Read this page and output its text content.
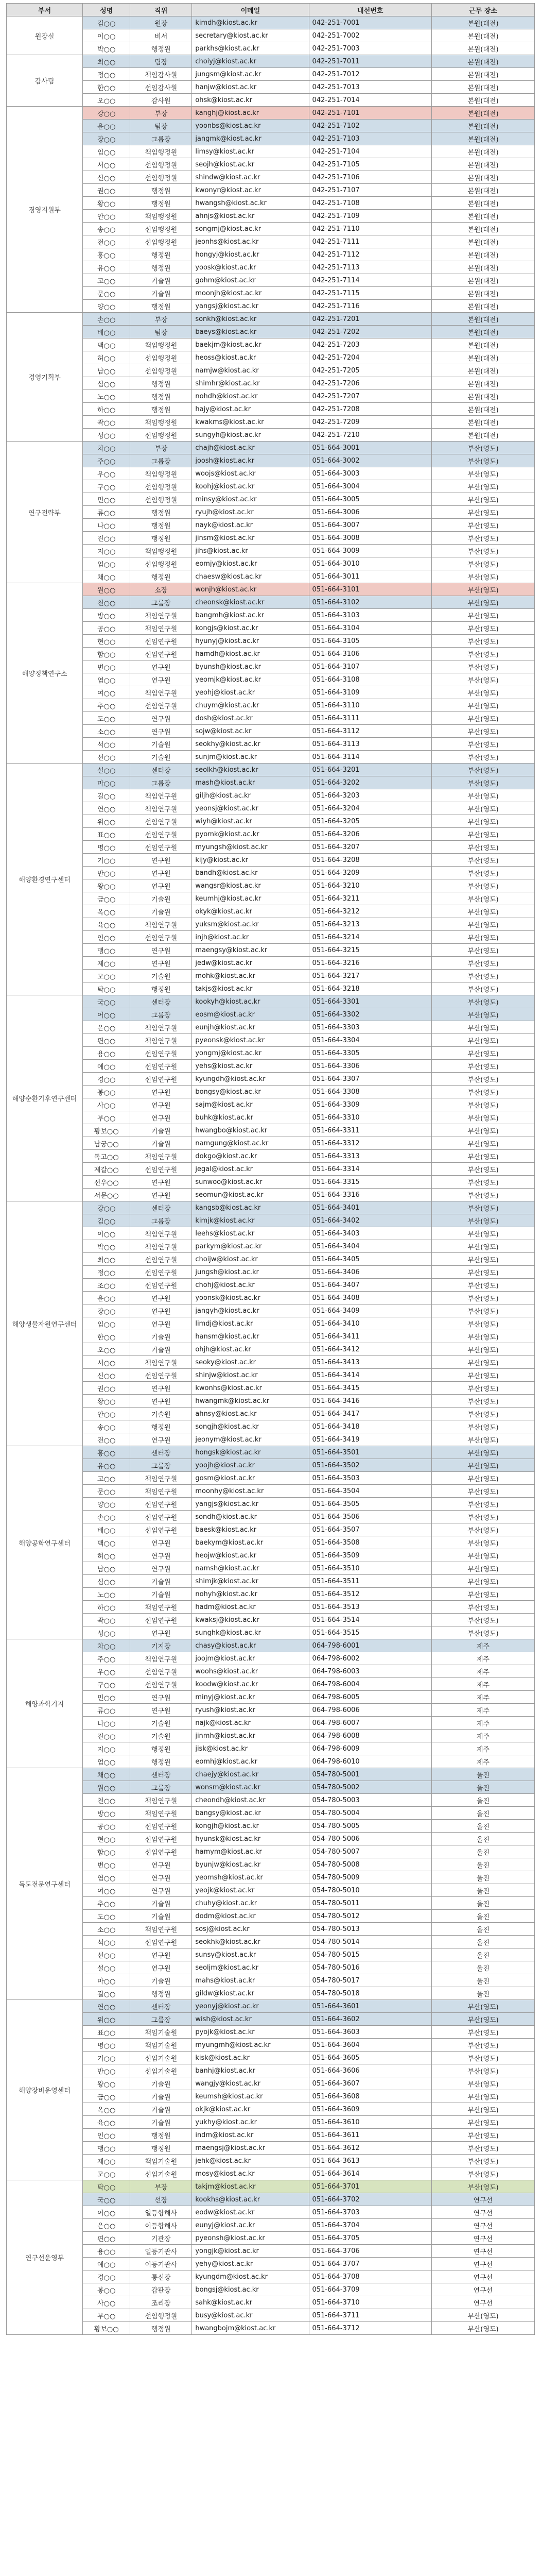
부서	성명	직위	이메일	내선번호	근무 장소
원장실	김○○	원장	kimdh@kiost.ac.kr	042-251-7001	본원(대전)
	이○○	비서	secretary@kiost.ac.kr	042-251-7002	본원(대전)
	박○○	행정원	parkhs@kiost.ac.kr	042-251-7003	본원(대전)
감사팀	최○○	팀장	choiyj@kiost.ac.kr	042-251-7011	본원(대전)
	정○○	책임감사원	jungsm@kiost.ac.kr	042-251-7012	본원(대전)
	한○○	선임감사원	hanjw@kiost.ac.kr	042-251-7013	본원(대전)
	오○○	감사원	ohsk@kiost.ac.kr	042-251-7014	본원(대전)
경영지원부	강○○	부장	kanghj@kiost.ac.kr	042-251-7101	본원(대전)
	윤○○	팀장	yoonbs@kiost.ac.kr	042-251-7102	본원(대전)
	장○○	그룹장	jangmk@kiost.ac.kr	042-251-7103	본원(대전)
	임○○	책임행정원	limsy@kiost.ac.kr	042-251-7104	본원(대전)
	서○○	선임행정원	seojh@kiost.ac.kr	042-251-7105	본원(대전)
	신○○	선임행정원	shindw@kiost.ac.kr	042-251-7106	본원(대전)
	권○○	행정원	kwonyr@kiost.ac.kr	042-251-7107	본원(대전)
	황○○	행정원	hwangsh@kiost.ac.kr	042-251-7108	본원(대전)
	안○○	책임행정원	ahnjs@kiost.ac.kr	042-251-7109	본원(대전)
	송○○	선임행정원	songmj@kiost.ac.kr	042-251-7110	본원(대전)
	전○○	선임행정원	jeonhs@kiost.ac.kr	042-251-7111	본원(대전)
	홍○○	행정원	hongyj@kiost.ac.kr	042-251-7112	본원(대전)
	유○○	행정원	yoosk@kiost.ac.kr	042-251-7113	본원(대전)
	고○○	기술원	gohm@kiost.ac.kr	042-251-7114	본원(대전)
	문○○	기술원	moonjh@kiost.ac.kr	042-251-7115	본원(대전)
	양○○	행정원	yangsj@kiost.ac.kr	042-251-7116	본원(대전)
경영기획부	손○○	부장	sonkh@kiost.ac.kr	042-251-7201	본원(대전)
	배○○	팀장	baeys@kiost.ac.kr	042-251-7202	본원(대전)
	백○○	책임행정원	baekjm@kiost.ac.kr	042-251-7203	본원(대전)
	허○○	선임행정원	heoss@kiost.ac.kr	042-251-7204	본원(대전)
	남○○	선임행정원	namjw@kiost.ac.kr	042-251-7205	본원(대전)
	심○○	행정원	shimhr@kiost.ac.kr	042-251-7206	본원(대전)
	노○○	행정원	nohdh@kiost.ac.kr	042-251-7207	본원(대전)
	하○○	행정원	hajy@kiost.ac.kr	042-251-7208	본원(대전)
	곽○○	책임행정원	kwakms@kiost.ac.kr	042-251-7209	본원(대전)
	성○○	선임행정원	sungyh@kiost.ac.kr	042-251-7210	본원(대전)
연구전략부	차○○	부장	chajh@kiost.ac.kr	051-664-3001	부산(영도)
	주○○	그룹장	joosh@kiost.ac.kr	051-664-3002	부산(영도)
	우○○	책임행정원	woojs@kiost.ac.kr	051-664-3003	부산(영도)
	구○○	선임행정원	koohj@kiost.ac.kr	051-664-3004	부산(영도)
	민○○	선임행정원	minsy@kiost.ac.kr	051-664-3005	부산(영도)
	류○○	행정원	ryujh@kiost.ac.kr	051-664-3006	부산(영도)
	나○○	행정원	nayk@kiost.ac.kr	051-664-3007	부산(영도)
	진○○	행정원	jinsm@kiost.ac.kr	051-664-3008	부산(영도)
	지○○	책임행정원	jihs@kiost.ac.kr	051-664-3009	부산(영도)
	엄○○	선임행정원	eomjy@kiost.ac.kr	051-664-3010	부산(영도)
	채○○	행정원	chaesw@kiost.ac.kr	051-664-3011	부산(영도)
해양정책연구소	원○○	소장	wonjh@kiost.ac.kr	051-664-3101	부산(영도)
	천○○	그룹장	cheonsk@kiost.ac.kr	051-664-3102	부산(영도)
	방○○	책임연구원	bangmh@kiost.ac.kr	051-664-3103	부산(영도)
	공○○	책임연구원	kongjs@kiost.ac.kr	051-664-3104	부산(영도)
	현○○	선임연구원	hyunyj@kiost.ac.kr	051-664-3105	부산(영도)
	함○○	선임연구원	hamdh@kiost.ac.kr	051-664-3106	부산(영도)
	변○○	연구원	byunsh@kiost.ac.kr	051-664-3107	부산(영도)
	염○○	연구원	yeomjk@kiost.ac.kr	051-664-3108	부산(영도)
	여○○	책임연구원	yeohj@kiost.ac.kr	051-664-3109	부산(영도)
	추○○	선임연구원	chuym@kiost.ac.kr	051-664-3110	부산(영도)
	도○○	연구원	dosh@kiost.ac.kr	051-664-3111	부산(영도)
	소○○	연구원	sojw@kiost.ac.kr	051-664-3112	부산(영도)
	석○○	기술원	seokhy@kiost.ac.kr	051-664-3113	부산(영도)
	선○○	기술원	sunjm@kiost.ac.kr	051-664-3114	부산(영도)
해양환경연구센터	설○○	센터장	seolkh@kiost.ac.kr	051-664-3201	부산(영도)
	마○○	그룹장	mash@kiost.ac.kr	051-664-3202	부산(영도)
	길○○	책임연구원	giljh@kiost.ac.kr	051-664-3203	부산(영도)
	연○○	책임연구원	yeonsj@kiost.ac.kr	051-664-3204	부산(영도)
	위○○	선임연구원	wiyh@kiost.ac.kr	051-664-3205	부산(영도)
	표○○	선임연구원	pyomk@kiost.ac.kr	051-664-3206	부산(영도)
	명○○	선임연구원	myungsh@kiost.ac.kr	051-664-3207	부산(영도)
	기○○	연구원	kijy@kiost.ac.kr	051-664-3208	부산(영도)
	반○○	연구원	bandh@kiost.ac.kr	051-664-3209	부산(영도)
	왕○○	연구원	wangsr@kiost.ac.kr	051-664-3210	부산(영도)
	금○○	기술원	keumhj@kiost.ac.kr	051-664-3211	부산(영도)
	옥○○	기술원	okyk@kiost.ac.kr	051-664-3212	부산(영도)
	육○○	책임연구원	yuksm@kiost.ac.kr	051-664-3213	부산(영도)
	인○○	선임연구원	injh@kiost.ac.kr	051-664-3214	부산(영도)
	맹○○	연구원	maengsy@kiost.ac.kr	051-664-3215	부산(영도)
	제○○	연구원	jedw@kiost.ac.kr	051-664-3216	부산(영도)
	모○○	기술원	mohk@kiost.ac.kr	051-664-3217	부산(영도)
	탁○○	행정원	takjs@kiost.ac.kr	051-664-3218	부산(영도)
해양순환기후연구센터	국○○	센터장	kookyh@kiost.ac.kr	051-664-3301	부산(영도)
	어○○	그룹장	eosm@kiost.ac.kr	051-664-3302	부산(영도)
	은○○	책임연구원	eunjh@kiost.ac.kr	051-664-3303	부산(영도)
	편○○	책임연구원	pyeonsk@kiost.ac.kr	051-664-3304	부산(영도)
	용○○	선임연구원	yongmj@kiost.ac.kr	051-664-3305	부산(영도)
	예○○	선임연구원	yehs@kiost.ac.kr	051-664-3306	부산(영도)
	경○○	선임연구원	kyungdh@kiost.ac.kr	051-664-3307	부산(영도)
	봉○○	연구원	bongsy@kiost.ac.kr	051-664-3308	부산(영도)
	사○○	연구원	sajm@kiost.ac.kr	051-664-3309	부산(영도)
	부○○	연구원	buhk@kiost.ac.kr	051-664-3310	부산(영도)
	황보○○	기술원	hwangbo@kiost.ac.kr	051-664-3311	부산(영도)
	남궁○○	기술원	namgung@kiost.ac.kr	051-664-3312	부산(영도)
	독고○○	책임연구원	dokgo@kiost.ac.kr	051-664-3313	부산(영도)
	제갈○○	선임연구원	jegal@kiost.ac.kr	051-664-3314	부산(영도)
	선우○○	연구원	sunwoo@kiost.ac.kr	051-664-3315	부산(영도)
	서문○○	연구원	seomun@kiost.ac.kr	051-664-3316	부산(영도)
해양생물자원연구센터	강○○	센터장	kangsb@kiost.ac.kr	051-664-3401	부산(영도)
	김○○	그룹장	kimjk@kiost.ac.kr	051-664-3402	부산(영도)
	이○○	책임연구원	leehs@kiost.ac.kr	051-664-3403	부산(영도)
	박○○	책임연구원	parkym@kiost.ac.kr	051-664-3404	부산(영도)
	최○○	선임연구원	choijw@kiost.ac.kr	051-664-3405	부산(영도)
	정○○	선임연구원	jungsh@kiost.ac.kr	051-664-3406	부산(영도)
	조○○	선임연구원	chohj@kiost.ac.kr	051-664-3407	부산(영도)
	윤○○	연구원	yoonsk@kiost.ac.kr	051-664-3408	부산(영도)
	장○○	연구원	jangyh@kiost.ac.kr	051-664-3409	부산(영도)
	임○○	연구원	limdj@kiost.ac.kr	051-664-3410	부산(영도)
	한○○	기술원	hansm@kiost.ac.kr	051-664-3411	부산(영도)
	오○○	기술원	ohjh@kiost.ac.kr	051-664-3412	부산(영도)
	서○○	책임연구원	seoky@kiost.ac.kr	051-664-3413	부산(영도)
	신○○	선임연구원	shinjw@kiost.ac.kr	051-664-3414	부산(영도)
	권○○	연구원	kwonhs@kiost.ac.kr	051-664-3415	부산(영도)
	황○○	연구원	hwangmk@kiost.ac.kr	051-664-3416	부산(영도)
	안○○	기술원	ahnsy@kiost.ac.kr	051-664-3417	부산(영도)
	송○○	행정원	songjh@kiost.ac.kr	051-664-3418	부산(영도)
	전○○	연구원	jeonym@kiost.ac.kr	051-664-3419	부산(영도)
해양공학연구센터	홍○○	센터장	hongsk@kiost.ac.kr	051-664-3501	부산(영도)
	유○○	그룹장	yoojh@kiost.ac.kr	051-664-3502	부산(영도)
	고○○	책임연구원	gosm@kiost.ac.kr	051-664-3503	부산(영도)
	문○○	책임연구원	moonhy@kiost.ac.kr	051-664-3504	부산(영도)
	양○○	선임연구원	yangjs@kiost.ac.kr	051-664-3505	부산(영도)
	손○○	선임연구원	sondh@kiost.ac.kr	051-664-3506	부산(영도)
	배○○	선임연구원	baesk@kiost.ac.kr	051-664-3507	부산(영도)
	백○○	연구원	baekym@kiost.ac.kr	051-664-3508	부산(영도)
	허○○	연구원	heojw@kiost.ac.kr	051-664-3509	부산(영도)
	남○○	연구원	namsh@kiost.ac.kr	051-664-3510	부산(영도)
	심○○	기술원	shimjk@kiost.ac.kr	051-664-3511	부산(영도)
	노○○	기술원	nohyh@kiost.ac.kr	051-664-3512	부산(영도)
	하○○	책임연구원	hadm@kiost.ac.kr	051-664-3513	부산(영도)
	곽○○	선임연구원	kwaksj@kiost.ac.kr	051-664-3514	부산(영도)
	성○○	연구원	sunghk@kiost.ac.kr	051-664-3515	부산(영도)
해양과학기지	차○○	기지장	chasy@kiost.ac.kr	064-798-6001	제주
	주○○	책임연구원	joojm@kiost.ac.kr	064-798-6002	제주
	우○○	선임연구원	woohs@kiost.ac.kr	064-798-6003	제주
	구○○	선임연구원	koodw@kiost.ac.kr	064-798-6004	제주
	민○○	연구원	minyj@kiost.ac.kr	064-798-6005	제주
	류○○	연구원	ryush@kiost.ac.kr	064-798-6006	제주
	나○○	기술원	najk@kiost.ac.kr	064-798-6007	제주
	진○○	기술원	jinmh@kiost.ac.kr	064-798-6008	제주
	지○○	행정원	jisk@kiost.ac.kr	064-798-6009	제주
	엄○○	행정원	eomhj@kiost.ac.kr	064-798-6010	제주
독도전문연구센터	채○○	센터장	chaejy@kiost.ac.kr	054-780-5001	울진
	원○○	그룹장	wonsm@kiost.ac.kr	054-780-5002	울진
	천○○	책임연구원	cheondh@kiost.ac.kr	054-780-5003	울진
	방○○	책임연구원	bangsy@kiost.ac.kr	054-780-5004	울진
	공○○	선임연구원	kongjh@kiost.ac.kr	054-780-5005	울진
	현○○	선임연구원	hyunsk@kiost.ac.kr	054-780-5006	울진
	함○○	선임연구원	hamym@kiost.ac.kr	054-780-5007	울진
	변○○	연구원	byunjw@kiost.ac.kr	054-780-5008	울진
	염○○	연구원	yeomsh@kiost.ac.kr	054-780-5009	울진
	여○○	연구원	yeojk@kiost.ac.kr	054-780-5010	울진
	추○○	기술원	chuhy@kiost.ac.kr	054-780-5011	울진
	도○○	기술원	dodm@kiost.ac.kr	054-780-5012	울진
	소○○	책임연구원	sosj@kiost.ac.kr	054-780-5013	울진
	석○○	선임연구원	seokhk@kiost.ac.kr	054-780-5014	울진
	선○○	연구원	sunsy@kiost.ac.kr	054-780-5015	울진
	설○○	연구원	seoljm@kiost.ac.kr	054-780-5016	울진
	마○○	기술원	mahs@kiost.ac.kr	054-780-5017	울진
	길○○	행정원	gildw@kiost.ac.kr	054-780-5018	울진
해양장비운영센터	연○○	센터장	yeonyj@kiost.ac.kr	051-664-3601	부산(영도)
	위○○	그룹장	wish@kiost.ac.kr	051-664-3602	부산(영도)
	표○○	책임기술원	pyojk@kiost.ac.kr	051-664-3603	부산(영도)
	명○○	책임기술원	myungmh@kiost.ac.kr	051-664-3604	부산(영도)
	기○○	선임기술원	kisk@kiost.ac.kr	051-664-3605	부산(영도)
	반○○	선임기술원	banhj@kiost.ac.kr	051-664-3606	부산(영도)
	왕○○	기술원	wangjy@kiost.ac.kr	051-664-3607	부산(영도)
	금○○	기술원	keumsh@kiost.ac.kr	051-664-3608	부산(영도)
	옥○○	기술원	okjk@kiost.ac.kr	051-664-3609	부산(영도)
	육○○	기술원	yukhy@kiost.ac.kr	051-664-3610	부산(영도)
	인○○	행정원	indm@kiost.ac.kr	051-664-3611	부산(영도)
	맹○○	행정원	maengsj@kiost.ac.kr	051-664-3612	부산(영도)
	제○○	책임기술원	jehk@kiost.ac.kr	051-664-3613	부산(영도)
	모○○	선임기술원	mosy@kiost.ac.kr	051-664-3614	부산(영도)
연구선운영부	탁○○	부장	takjm@kiost.ac.kr	051-664-3701	부산(영도)
	국○○	선장	kookhs@kiost.ac.kr	051-664-3702	연구선
	어○○	일등항해사	eodw@kiost.ac.kr	051-664-3703	연구선
	은○○	이등항해사	eunyj@kiost.ac.kr	051-664-3704	연구선
	편○○	기관장	pyeonsh@kiost.ac.kr	051-664-3705	연구선
	용○○	일등기관사	yongjk@kiost.ac.kr	051-664-3706	연구선
	예○○	이등기관사	yehy@kiost.ac.kr	051-664-3707	연구선
	경○○	통신장	kyungdm@kiost.ac.kr	051-664-3708	연구선
	봉○○	갑판장	bongsj@kiost.ac.kr	051-664-3709	연구선
	사○○	조리장	sahk@kiost.ac.kr	051-664-3710	연구선
	부○○	선임행정원	busy@kiost.ac.kr	051-664-3711	부산(영도)
	황보○○	행정원	hwangbojm@kiost.ac.kr	051-664-3712	부산(영도)
